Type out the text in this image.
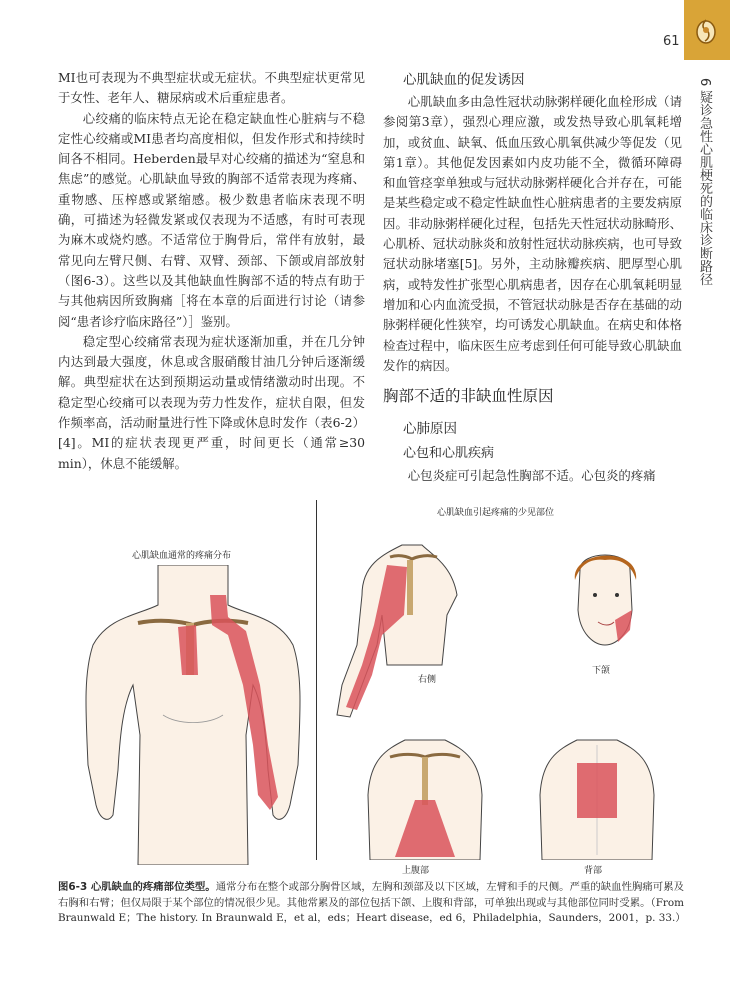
61
6 疑诊急性心肌梗死的临床诊断路径

MI也可表现为不典型症状或无症状。不典型症状更常见于女性、老年人、糖尿病或术后重症患者。

心绞痛的临床特点无论在稳定缺血性心脏病与不稳定性心绞痛或MI患者均高度相似，但发作形式和持续时间各不相同。Heberden最早对心绞痛的描述为“窒息和焦虑”的感觉。心肌缺血导致的胸部不适常表现为疼痛、重物感、压榨感或紧缩感。极少数患者临床表现不明确，可描述为轻微发紧或仅表现为不适感，有时可表现为麻木或烧灼感。不适常位于胸骨后，常伴有放射，最常见向左臂尺侧、右臂、双臂、颈部、下颌或肩部放射（图6-3）。这些以及其他缺血性胸部不适的特点有助于与其他病因所致胸痛［将在本章的后面进行讨论（请参阅“患者诊疗临床路径”）］鉴别。

稳定型心绞痛常表现为症状逐渐加重，并在几分钟内达到最大强度，休息或含服硝酸甘油几分钟后逐渐缓解。典型症状在达到预期运动量或情绪激动时出现。不稳定型心绞痛可以表现为劳力性发作，症状自限，但发作频率高，活动耐量进行性下降或休息时发作（表6-2）[4]。MI的症状表现更严重，时间更长（通常≥30 min），休息不能缓解。

心肌缺血的促发诱因

心肌缺血多由急性冠状动脉粥样硬化血栓形成（请参阅第3章），强烈心理应激，或发热导致心肌氧耗增加，或贫血、缺氧、低血压致心肌氧供减少等促发（见第1章）。其他促发因素如内皮功能不全，微循环障碍和血管痉挛单独或与冠状动脉粥样硬化合并存在，可能是某些稳定或不稳定性缺血性心脏病患者的主要发病原因。非动脉粥样硬化过程，包括先天性冠状动脉畸形、心肌桥、冠状动脉炎和放射性冠状动脉疾病，也可导致冠状动脉堵塞[5]。另外，主动脉瓣疾病、肥厚型心肌病，或特发性扩张型心肌病患者，因存在心肌氧耗明显增加和心内血流受损，不管冠状动脉是否存在基础的动脉粥样硬化性狭窄，均可诱发心肌缺血。在病史和体格检查过程中，临床医生应考虑到任何可能导致心肌缺血发作的病因。

胸部不适的非缺血性原因
心肺原因
心包和心肌疾病

心包炎症可引起急性胸部不适。心包炎的疼痛

心肌缺血通常的疼痛分布
心肌缺血引起疼痛的少见部位
右侧
下颌
上腹部	背部
图6-3 心肌缺血的疼痛部位类型。通常分布在整个或部分胸骨区域，左胸和颈部及以下区域，左臂和手的尺侧。严重的缺血性胸痛可累及右胸和右臂；但仅局限于某个部位的情况很少见。其他常累及的部位包括下颌、上腹和背部，可单独出现或与其他部位同时受累。（From Braunwald E；The history. In Braunwald E，et al，eds；Heart disease，ed 6，Philadelphia，Saunders，2001，p. 33.）
